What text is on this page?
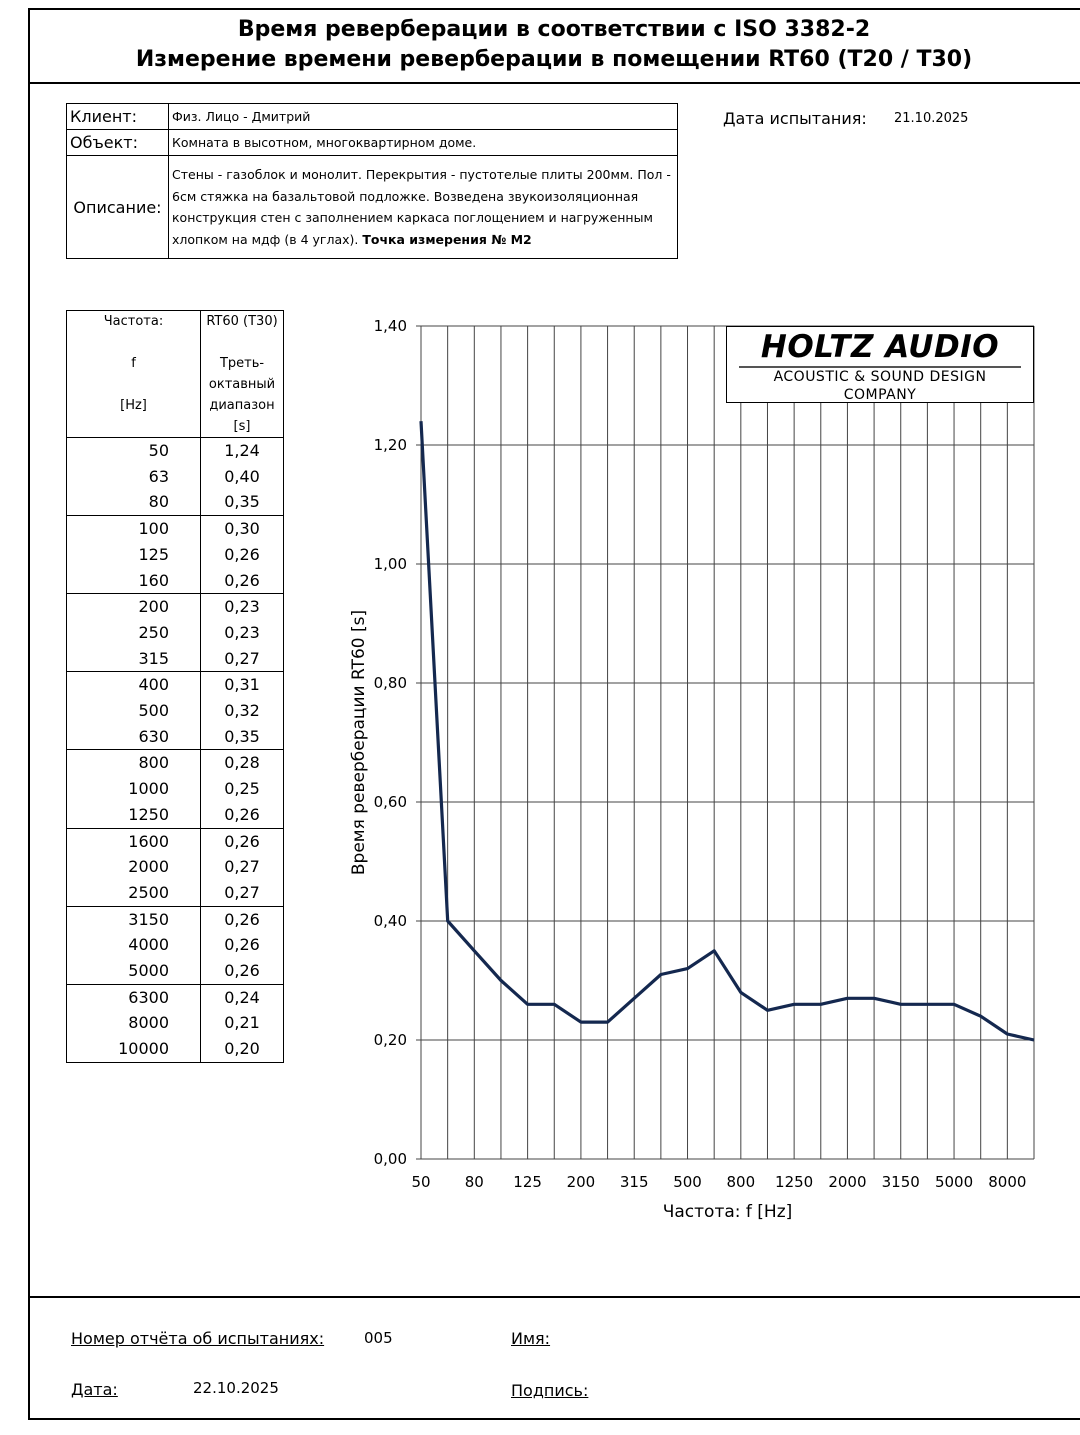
Время реверберации в соответствии с ISO 3382-2
Измерение времени реверберации в помещении RT60 (T20 / T30)
Клиент:	Физ. Лицо - Дмитрий
Объект:	Комната в высотном, многоквартирном доме.
Описание:	Стены - газоблок и монолит. Перекрытия - пустотелые плиты 200мм. Пол - 6см стяжка на базальтовой подложке. Возведена звукоизоляционная конструкция стен с заполнением каркаса поглощением и нагруженным хлопком на мдф (в 4 углах). Точка измерения № М2
Дата испытания: 21.10.2025
Частота:

f

[Hz]	RT60 (T30)

Треть-октавный
диапазон
[s]

50	1,24
63	0,40
80	0,35
100	0,30
125	0,26
160	0,26
200	0,23
250	0,23
315	0,27
400	0,31
500	0,32
630	0,35
800	0,28
1000	0,25
1250	0,26
1600	0,26
2000	0,27
2500	0,27
3150	0,26
4000	0,26
5000	0,26
6300	0,24
8000	0,21
10000	0,20
0,00
0,20
0,40
0,60
0,80
1,00
1,20
1,40
50 80 125 200 315 500 800 1250 2000 3150 5000 8000
Частота: f [Hz]
Время реверберации RT60 [s]
HOLTZ AUDIO
ACOUSTIC & SOUND DESIGN
COMPANY
Номер отчёта об испытаниях:	005	Имя:
Дата:	22.10.2025	Подпись:
